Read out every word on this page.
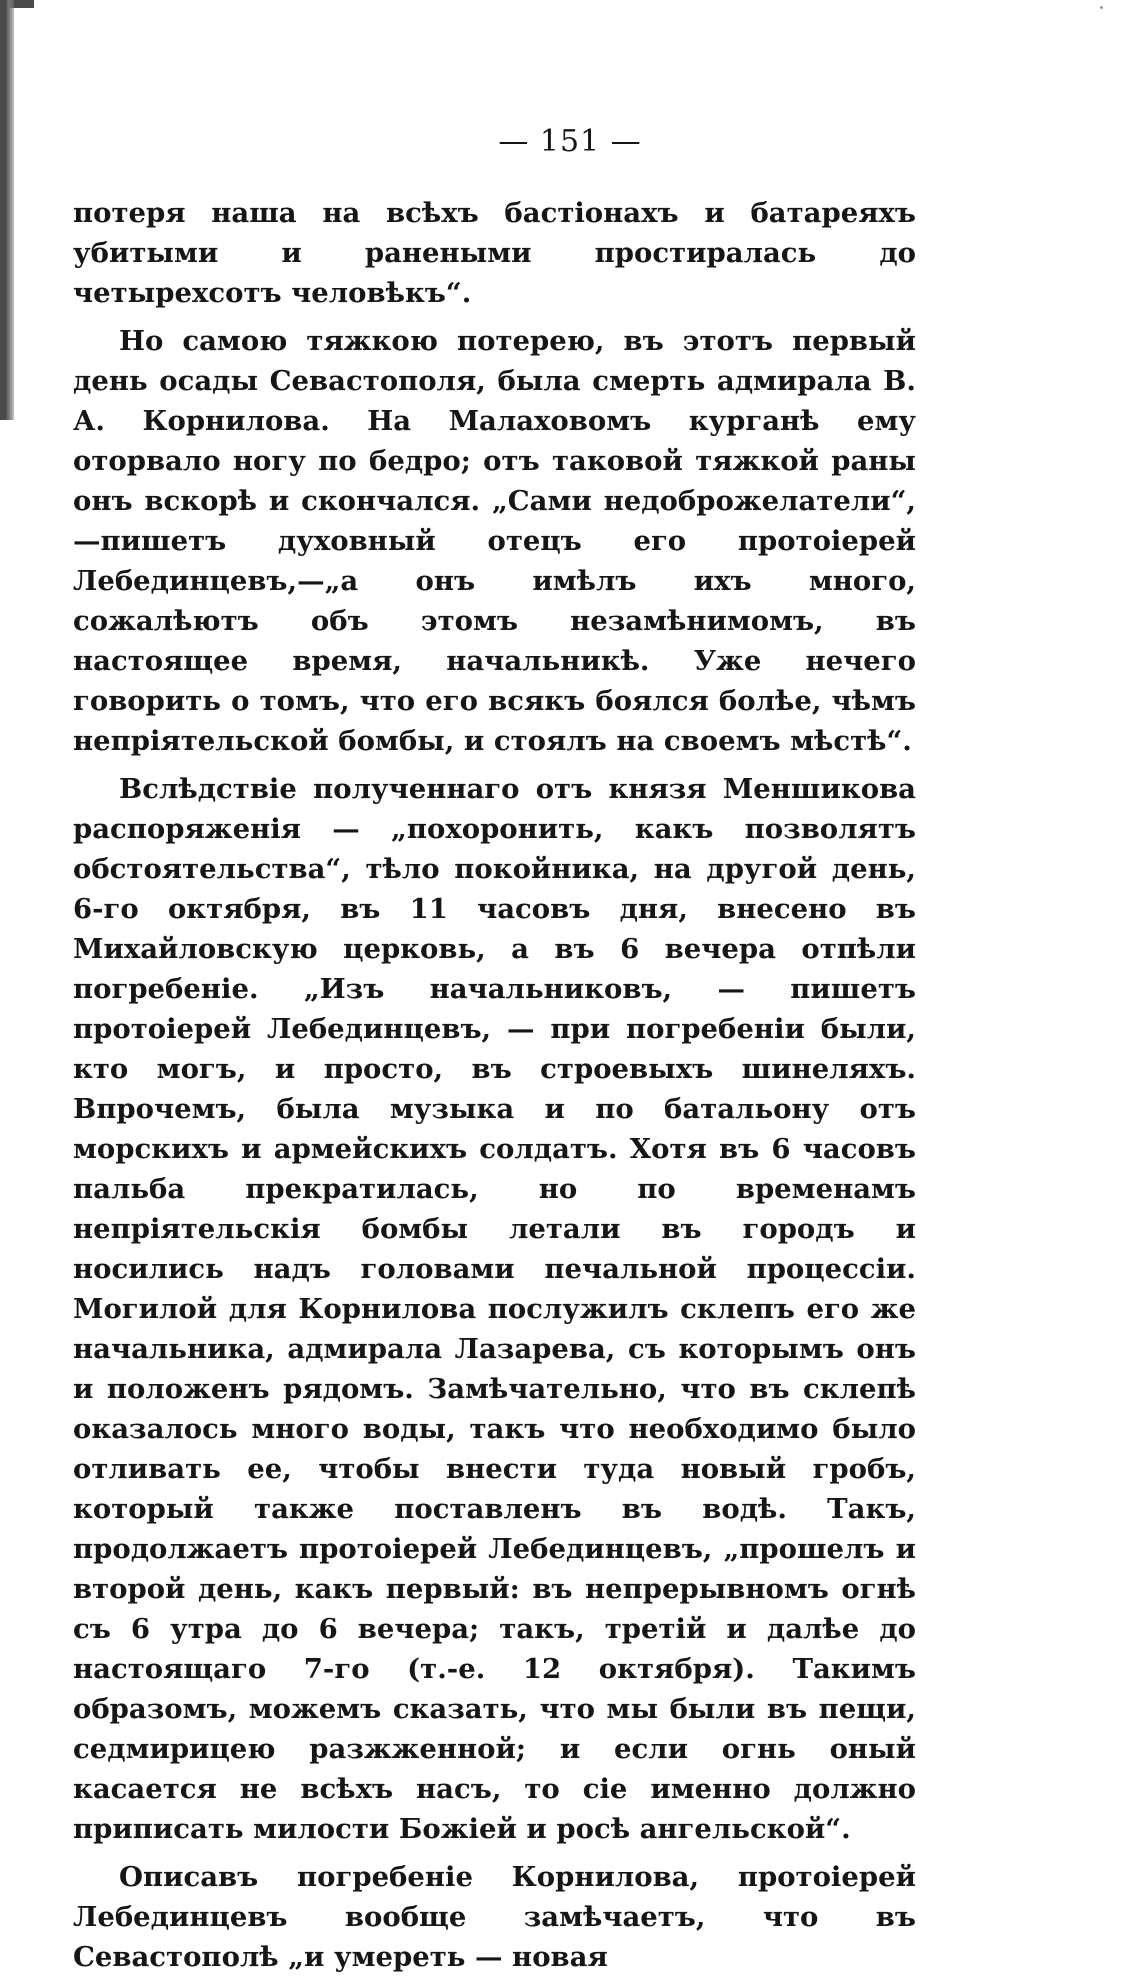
— 151 —

потеря наша на всѣхъ бастіонахъ и батареяхъ убитыми и ранеными простиралась до четырехсотъ человѣкъ“.

Но самою тяжкою потерею, въ этотъ первый день осады Севастополя, была смерть адмирала В. А. Корнилова. На Малаховомъ курганѣ ему оторвало ногу по бедро; отъ таковой тяжкой раны онъ вскорѣ и скончался. „Сами недоброжелатели“,—пишетъ духовный отецъ его протоіерей Лебединцевъ,—„а онъ имѣлъ ихъ много, сожалѣютъ объ этомъ незамѣнимомъ, въ настоящее время, начальникѣ. Уже нечего говорить о томъ, что его всякъ боялся болѣе, чѣмъ непріятельской бомбы, и стоялъ на своемъ мѣстѣ“.

Вслѣдствіе полученнаго отъ князя Меншикова распоряженія — „похоронить, какъ позволятъ обстоятельства“, тѣло покойника, на другой день, 6-го октября, въ 11 часовъ дня, внесено въ Михайловскую церковь, а въ 6 вечера отпѣли погребеніе. „Изъ начальниковъ, — пишетъ протоіерей Лебединцевъ, — при погребеніи были, кто могъ, и просто, въ строевыхъ шинеляхъ. Впрочемъ, была музыка и по батальону отъ морскихъ и армейскихъ солдатъ. Хотя въ 6 часовъ пальба прекратилась, но по временамъ непріятельскія бомбы летали въ городъ и носились надъ головами печальной процессіи. Могилой для Корнилова послужилъ склепъ его же начальника, адмирала Лазарева, съ которымъ онъ и положенъ рядомъ. Замѣчательно, что въ склепѣ оказалось много воды, такъ что необходимо было отливать ее, чтобы внести туда новый гробъ, который также поставленъ въ водѣ. Такъ, продолжаетъ протоіерей Лебединцевъ, „прошелъ и второй день, какъ первый: въ непрерывномъ огнѣ съ 6 утра до 6 вечера; такъ, третій и далѣе до настоящаго 7-го (т.-е. 12 октября). Такимъ образомъ, можемъ сказать, что мы были въ пещи, седмирицею разжженной; и если огнь оный касается не всѣхъ насъ, то сіе именно должно приписать милости Божіей и росѣ ангельской“.

Описавъ погребеніе Корнилова, протоіерей Лебединцевъ вообще замѣчаетъ, что въ Севастополѣ „и умереть — новая
